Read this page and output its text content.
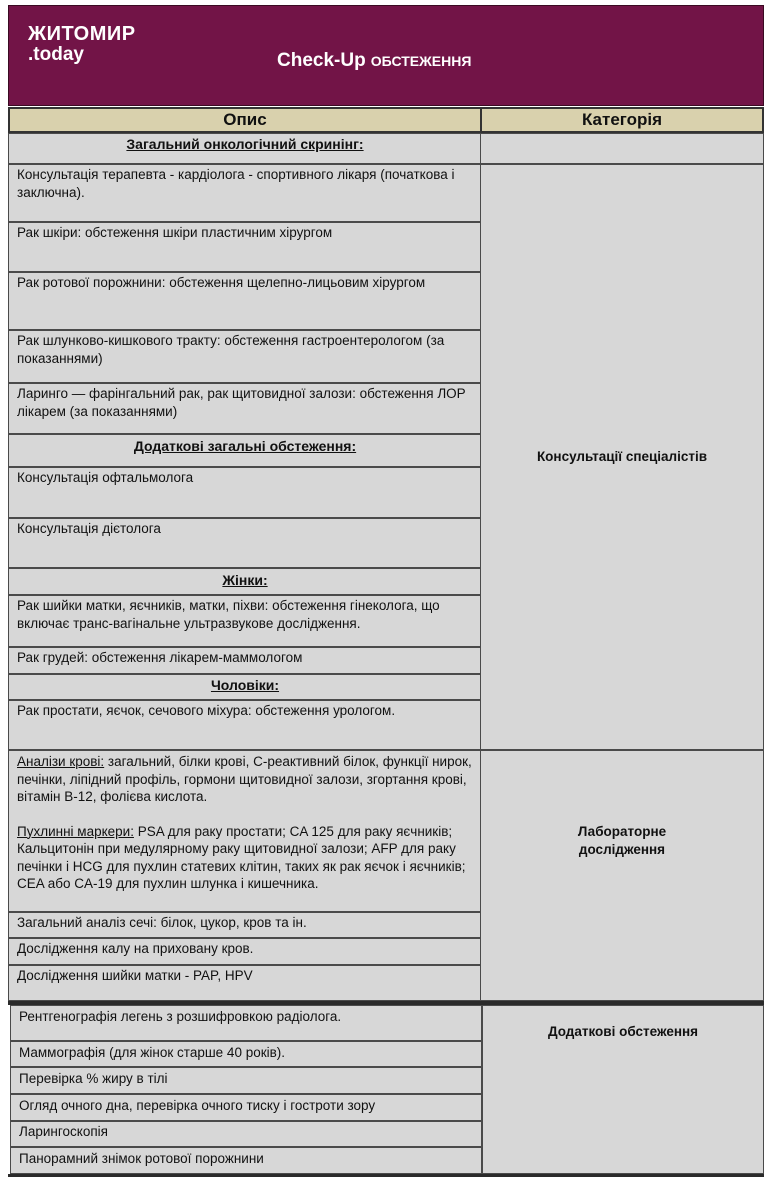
ЖИТОМИР
.today	Check-Up ОБСТЕЖЕННЯ
Опис	Категорія
Загальний онкологічний скринінг:
Консультація терапевта - кардіолога - спортивного лікаря (початкова і заключна).
Рак шкіри: обстеження шкіри пластичним хірургом
Рак ротової порожнини: обстеження щелепно-лицьовим хірургом
Рак шлунково-кишкового тракту: обстеження гастроентерологом (за показаннями)
Ларинго — фарінгальний рак, рак щитовидної залози: обстеження ЛОР лікарем (за показаннями)
Додаткові загальні обстеження:
Консультація офтальмолога
Консультація дієтолога
Жінки:
Рак шийки матки, яєчників, матки, піхви: обстеження гінеколога, що включає транс-вагінальне ультразвукове дослідження.
Рак грудей: обстеження лікарем-маммологом
Чоловіки:
Рак простати, яєчок, сечового міхура: обстеження урологом.
Аналізи крові: загальний, білки крові, С-реактивний білок, функції нирок, печінки, ліпідний профіль, гормони щитовидної залози, згортання крові, вітамін В-12, фолієва кислота.
Пухлинні маркери: PSA для раку простати; CA 125 для раку яєчників; Кальцитонін при медулярному раку щитовидної залози; AFP для раку печінки і HCG для пухлин статевих клітин, таких як рак яєчок і яєчників; CEA або CA-19 для пухлин шлунка і кишечника.
Загальний аналіз сечі: білок, цукор, кров та ін.
Дослідження калу на приховану кров.
Дослідження шийки матки - PAP, HPV
Рентгенографія легень з розшифровкою радіолога.
Маммографія (для жінок старше 40 років).
Перевірка % жиру в тілі
Огляд очного дна, перевірка очного тиску і гостроти зору
Ларингоскопія
Панорамний знімок ротової порожнини
Консультації спеціалістів
Лабораторне дослідження
Додаткові обстеження
